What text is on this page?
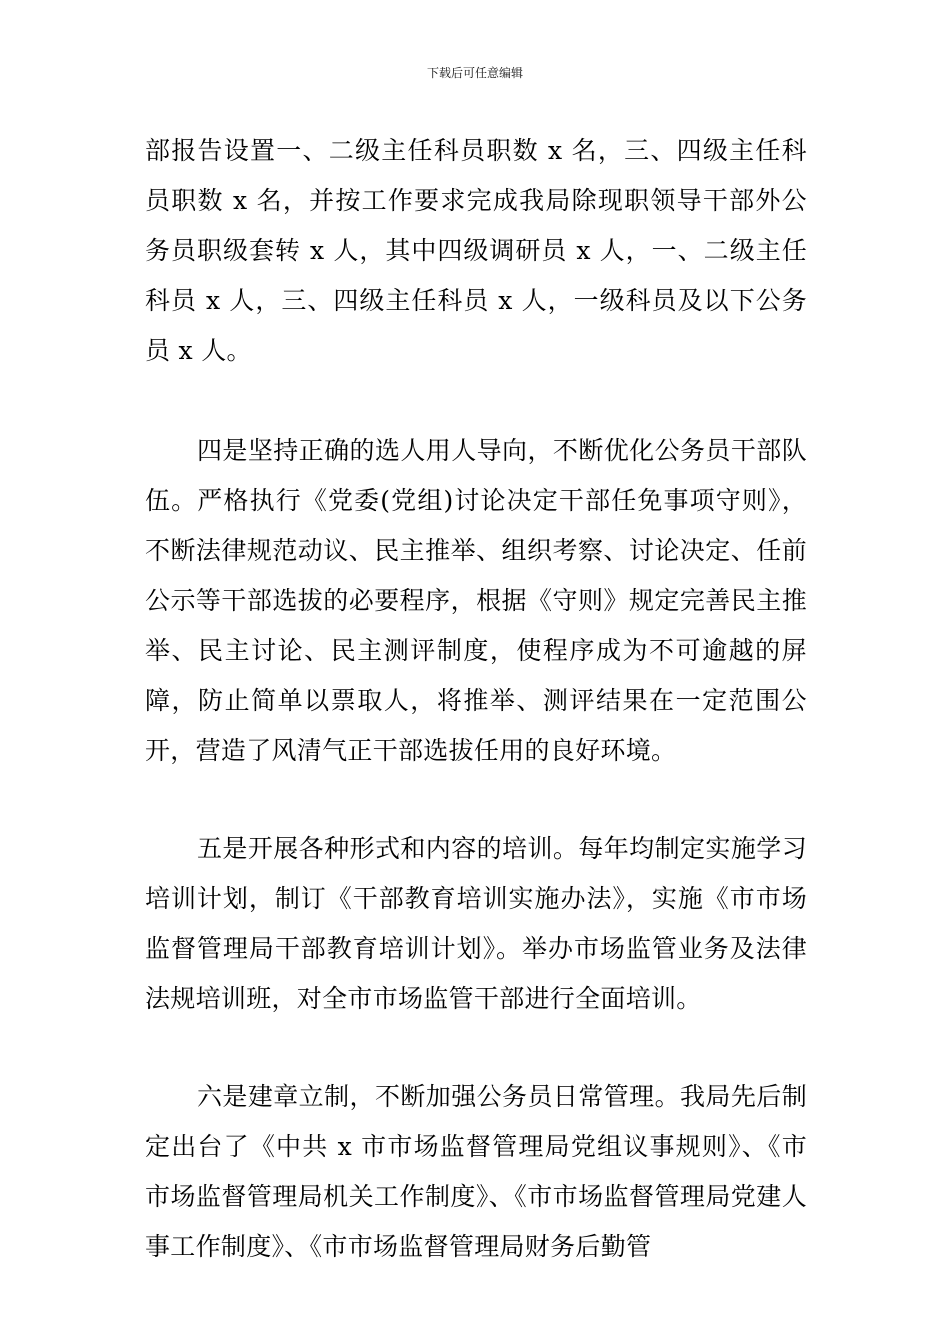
下载后可任意编辑

部报告设置一、二级主任科员职数 x 名，三、四级主任科员职数 x 名，并按工作要求完成我局除现职领导干部外公务员职级套转 x 人，其中四级调研员 x 人，一、二级主任科员 x 人，三、四级主任科员 x 人，一级科员及以下公务员 x 人。

四是坚持正确的选人用人导向，不断优化公务员干部队伍。严格执行《党委(党组)讨论决定干部任免事项守则》，不断法律规范动议、民主推举、组织考察、讨论决定、任前公示等干部选拔的必要程序，根据《守则》规定完善民主推举、民主讨论、民主测评制度，使程序成为不可逾越的屏障，防止简单以票取人，将推举、测评结果在一定范围公开，营造了风清气正干部选拔任用的良好环境。

五是开展各种形式和内容的培训。每年均制定实施学习培训计划，制订《干部教育培训实施办法》，实施《市市场监督管理局干部教育培训计划》。举办市场监管业务及法律法规培训班，对全市市场监管干部进行全面培训。

六是建章立制，不断加强公务员日常管理。我局先后制定出台了《中共 x 市市场监督管理局党组议事规则》、《市市场监督管理局机关工作制度》、《市市场监督管理局党建人事工作制度》、《市市场监督管理局财务后勤管
